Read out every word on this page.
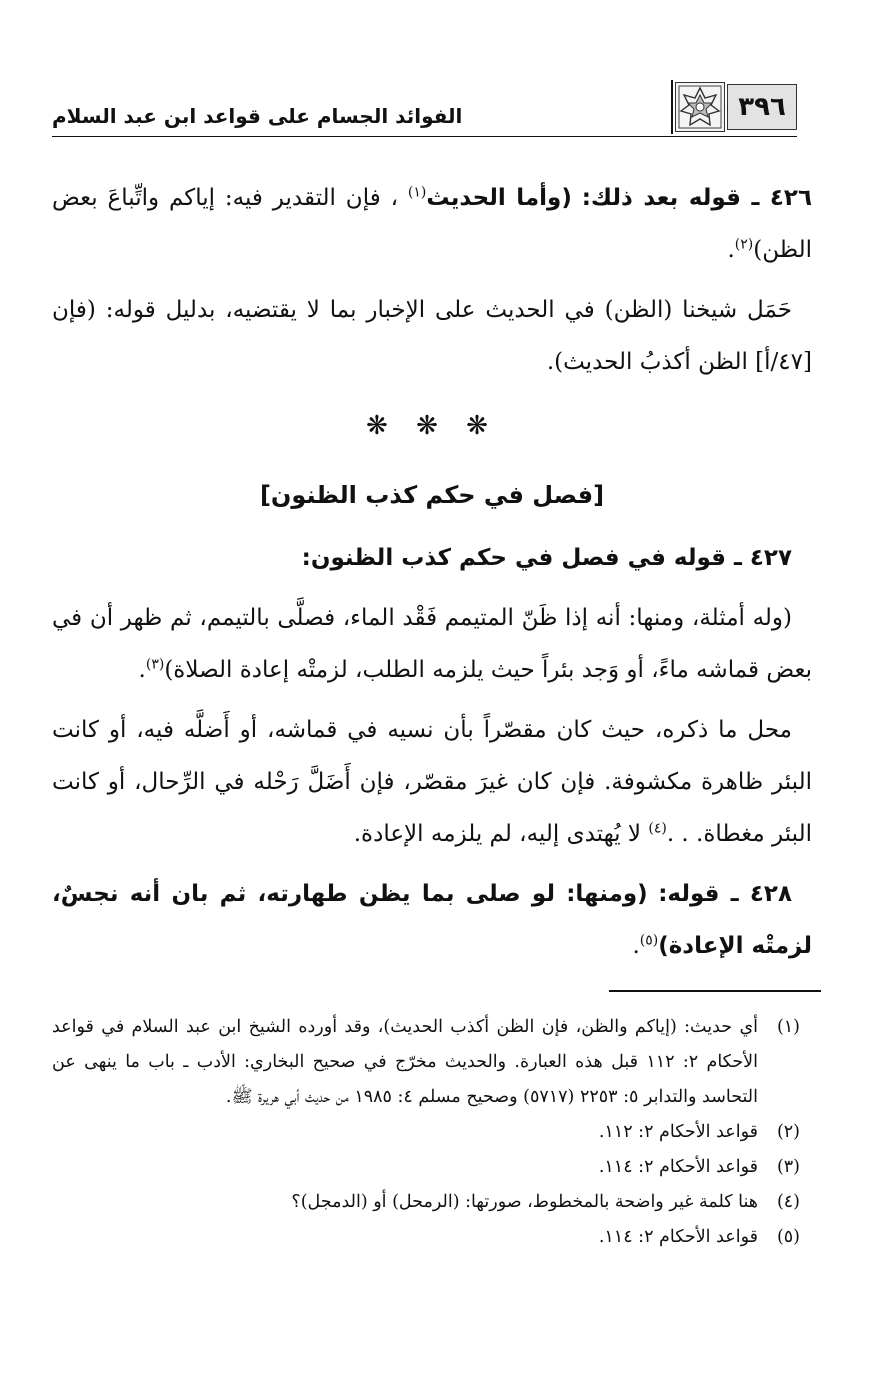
٣٩٦
الفوائد الجسام على قواعد ابن عبد السلام

٤٢٦ ـ قوله بعد ذلك: (وأما الحديث$^{(١)}$ ، فإن التقدير فيه: إياكم واتِّباعَ بعض الظن)$^{(٢)}$.

حَمَل شيخنا (الظن) في الحديث على الإخبار بما لا يقتضيه، بدليل قوله: (فإن [٤٧/أ] الظن أكذبُ الحديث).

❋ ❋ ❋
[فصل في حكم كذب الظنون]

٤٢٧ ـ قوله في فصل في حكم كذب الظنون:

(وله أمثلة، ومنها: أنه إذا ظَنّ المتيمم فَقْد الماء، فصلَّى بالتيمم، ثم ظهر أن في بعض قماشه ماءً، أو وَجد بئراً حيث يلزمه الطلب، لزمتْه إعادة الصلاة)$^{(٣)}$.

محل ما ذكره، حيث كان مقصّراً بأن نسيه في قماشه، أو أَضلَّه فيه، أو كانت البئر ظاهرة مكشوفة. فإن كان غيرَ مقصّر، فإن أَضَلَّ رَحْله في الرِّحال، أو كانت البئر مغطاة. . .$^{(٤)}$ لا يُهتدى إليه، لم يلزمه الإعادة.

٤٢٨ ـ قوله: (ومنها: لو صلى بما يظن طهارته، ثم بان أنه نجسٌ، لزمتْه الإعادة)$^{(٥)}$.

(١)
أي حديث: (إياكم والظن، فإن الظن أكذب الحديث)، وقد أورده الشيخ ابن عبد السلام في قواعد الأحكام ٢: ١١٢ قبل هذه العبارة. والحديث مخرّج في صحيح البخاري: الأدب ـ باب ما ينهى عن التحاسد والتدابر ٥: ٢٢٥٣ (٥٧١٧) وصحيح مسلم ٤: ١٩٨٥ من حديث أبي هريرة ﷺ.
(٢)
قواعد الأحكام ٢: ١١٢.
(٣)
قواعد الأحكام ٢: ١١٤.
(٤)
هنا كلمة غير واضحة بالمخطوط، صورتها: (الرمحل) أو (الدمجل)؟
(٥)
قواعد الأحكام ٢: ١١٤.
